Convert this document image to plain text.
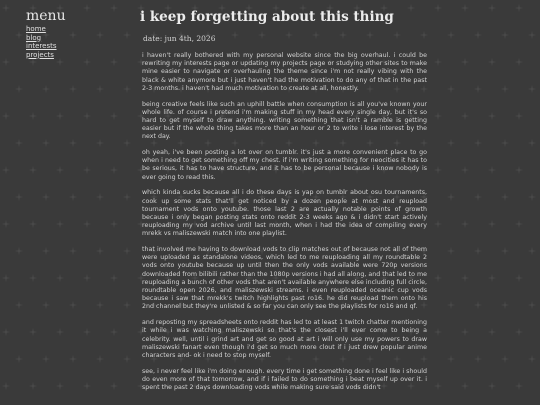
menu
home
blog
interests
projects
i keep forgetting about this thing
date: jun 4th, 2026

i haven't really bothered with my personal website since the big overhaul. i could be rewriting my interests page or updating my projects page or studying other sites to make mine easier to navigate or overhauling the theme since i'm not really vibing with the black & white anymore but i just haven't had the motivation to do any of that in the past 2-3 months. i haven't had much motivation to create at all, honestly.

being creative feels like such an uphill battle when consumption is all you've known your whole life. of course i pretend i'm making stuff in my head every single day, but it's so hard to get myself to draw anything. writing something that isn't a ramble is getting easier but if the whole thing takes more than an hour or 2 to write i lose interest by the next day.

oh yeah, i've been posting a lot over on tumblr. it's just a more convenient place to go when i need to get something off my chest. if i'm writing something for neocities it has to be serious, it has to have structure, and it has to be personal because i know nobody is ever going to read this.

which kinda sucks because all i do these days is yap on tumblr about osu tournaments, cook up some stats that'll get noticed by a dozen people at most and reupload tournament vods onto youtube. those last 2 are actually notable points of growth because i only began posting stats onto reddit 2-3 weeks ago & i didn't start actively reuploading my vod archive until last month, when i had the idea of compiling every mrekk vs maliszewski match into one playlist.

that involved me having to download vods to clip matches out of because not all of them were uploaded as standalone videos, which led to me reuploading all my roundtable 2 vods onto youtube because up until then the only vods available were 720p versions downloaded from bilibili rather than the 1080p versions i had all along, and that led to me reuploading a bunch of other vods that aren't available anywhere else including full circle, roundtable open 2026, and maliszewski streams. i even reuploaded oceanic cup vods because i saw that mrekk's twitch highlights past ro16. he did reupload them onto his 2nd channel but they're unlisted & so far you can only see the playlists for ro16 and qf.

and reposting my spreadsheets onto reddit has led to at least 1 twitch chatter mentioning it while i was watching maliszewski so that's the closest i'll ever come to being a celebrity. well, until i grind art and get so good at art i will only use my powers to draw maliszewski fanart even though i'd get so much more clout if i just drew popular anime characters and- ok i need to stop myself.

see, i never feel like i'm doing enough. every time i get something done i feel like i should do even more of that tomorrow, and if i failed to do something i beat myself up over it. i spent the past 2 days downloading vods while making sure said vods didn't
